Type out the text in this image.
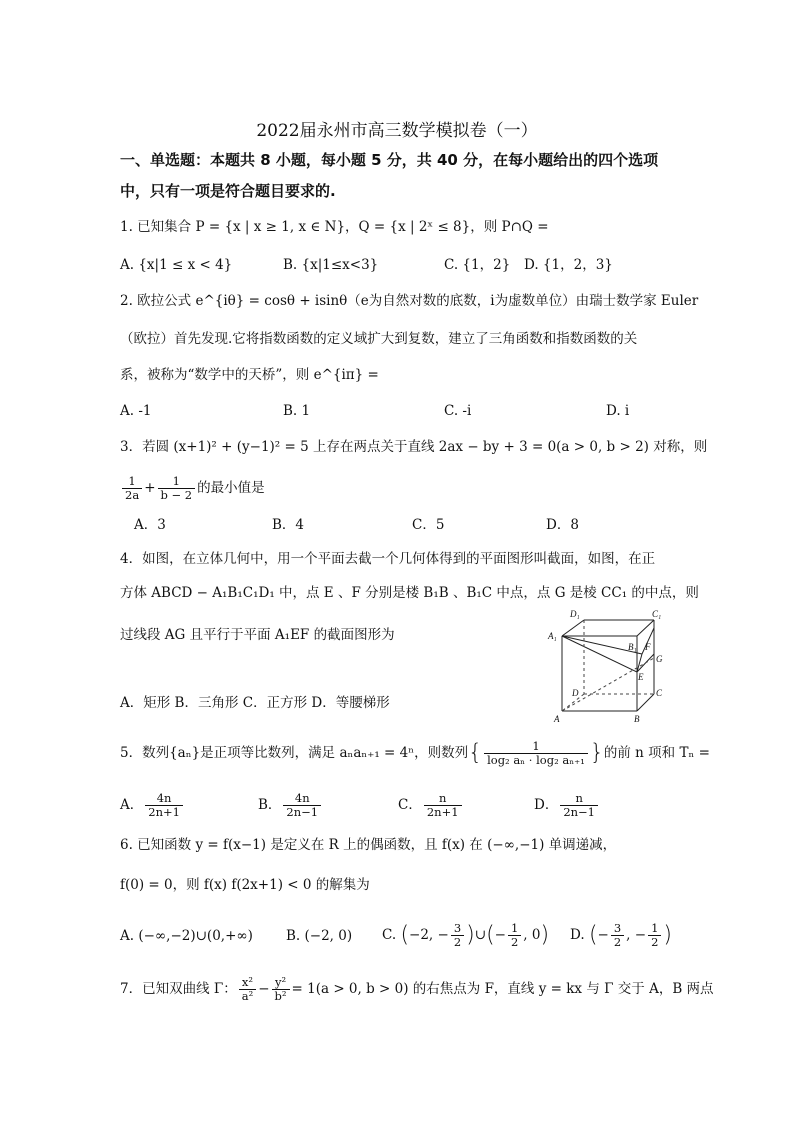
2022届永州市高三数学模拟卷（一）
一、单选题：本题共 8 小题，每小题 5 分，共 40 分，在每小题给出的四个选项
中，只有一项是符合题目要求的.
1. 已知集合 P = {x | x ≥ 1, x ∈ N}，Q = {x | 2ˣ ≤ 8}，则 P∩Q =
A. {x|1 ≤ x < 4}	B. {x|1≤x<3}	C. {1，2} D. {1，2，3}
2. 欧拉公式 e^{iθ} = cosθ + isinθ（e为自然对数的底数，i为虚数单位）由瑞士数学家 Euler
（欧拉）首先发现.它将指数函数的定义域扩大到复数，建立了三角函数和指数函数的关
系，被称为“数学中的天桥”，则 e^{iπ} =
A. -1	B. 1	C. -i	D. i
3．若圆 (x+1)² + (y−1)² = 5 上存在两点关于直线 2ax − by + 3 = 0(a > 0, b > 2) 对称，则
$\frac{1}{2a} + \frac{1}{b - 2}$ 的最小值是
A．3	B．4	C．5	D．8
4．如图，在立体几何中，用一个平面去截一个几何体得到的平面图形叫截面，如图，在正
方体 ABCD − A₁B₁C₁D₁ 中，点 E 、F 分别是楼 B₁B 、B₁C 中点，点 G 是棱 CC₁ 的中点，则
过线段 AG 且平行于平面 A₁EF 的截面图形为
A．矩形 B．三角形 C．正方形 D．等腰梯形
D₁	C₁
A₁
F
B₁
G
E
D	C
A	B
5．数列{aₙ}是正项等比数列，满足 aₙaₙ₊₁ = 4ⁿ，则数列{ $\frac{1}{\text{log₂ aₙ · log₂ aₙ₊₁}}$ }的前 n 项和 Tₙ =
A． $\frac{4n}{2n+1}$	B． $\frac{4n}{2n-1}$	C． $\frac{n}{2n+1}$	D． $\frac{n}{2n-1}$
6. 已知函数 y = f(x−1) 是定义在 R 上的偶函数，且 f(x) 在 (−∞,−1) 单调递减，
f(0) = 0，则 f(x) f(2x+1) < 0 的解集为
A. (−∞,−2)∪(0,+∞) B. (−2, 0) C. (−2, − $\frac{3}{2}$ )∪(− $\frac{1}{2}$ , 0) D. (− $\frac{3}{2}$ , − $\frac{1}{2}$ )
7．已知双曲线 Γ： $\frac{\text{x²}}{\text{a²}} - \frac{\text{y²}}{\text{b²}} = 1(a > 0$, b > 0) 的右焦点为 F，直线 y = kx 与 Γ 交于 A，B 两点
